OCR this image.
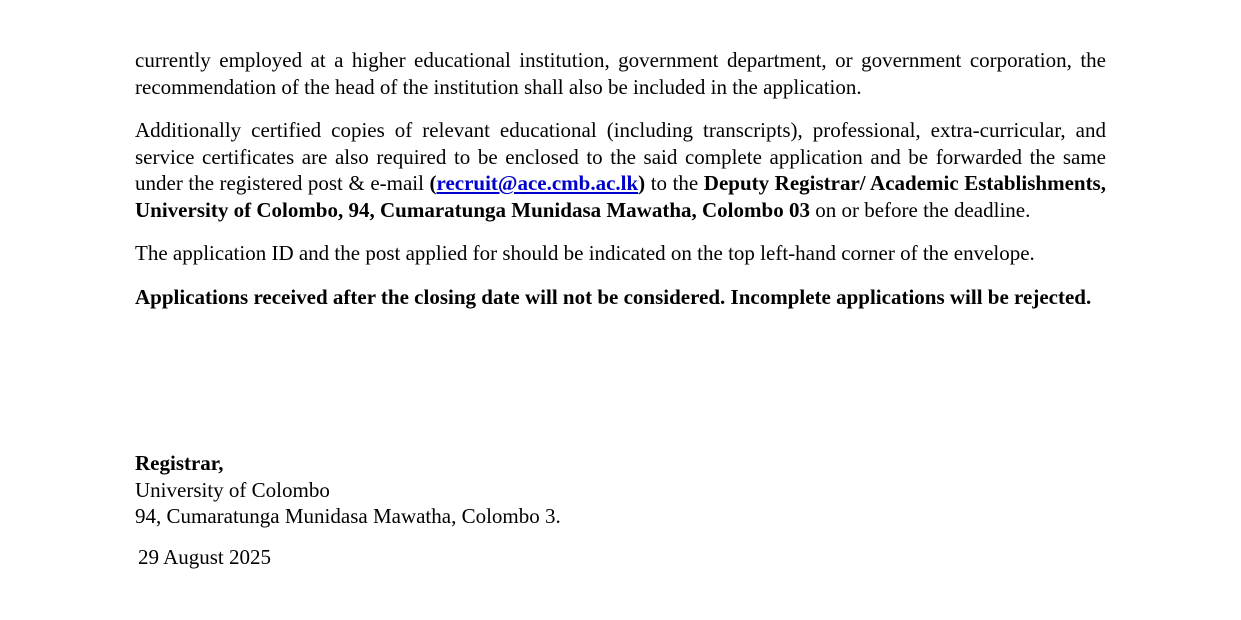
currently employed at a higher educational institution, government department, or government corporation, the recommendation of the head of the institution shall also be included in the application.

Additionally certified copies of relevant educational (including transcripts), professional, extra-curricular, and service certificates are also required to be enclosed to the said complete application and be forwarded the same under the registered post & e-mail (recruit@ace.cmb.ac.lk) to the Deputy Registrar/ Academic Establishments, University of Colombo, 94, Cumaratunga Munidasa Mawatha, Colombo 03 on or before the deadline.

The application ID and the post applied for should be indicated on the top left-hand corner of the envelope.

Applications received after the closing date will not be considered. Incomplete applications will be rejected.

Registrar,
University of Colombo
94, Cumaratunga Munidasa Mawatha, Colombo 3.
29 August 2025
